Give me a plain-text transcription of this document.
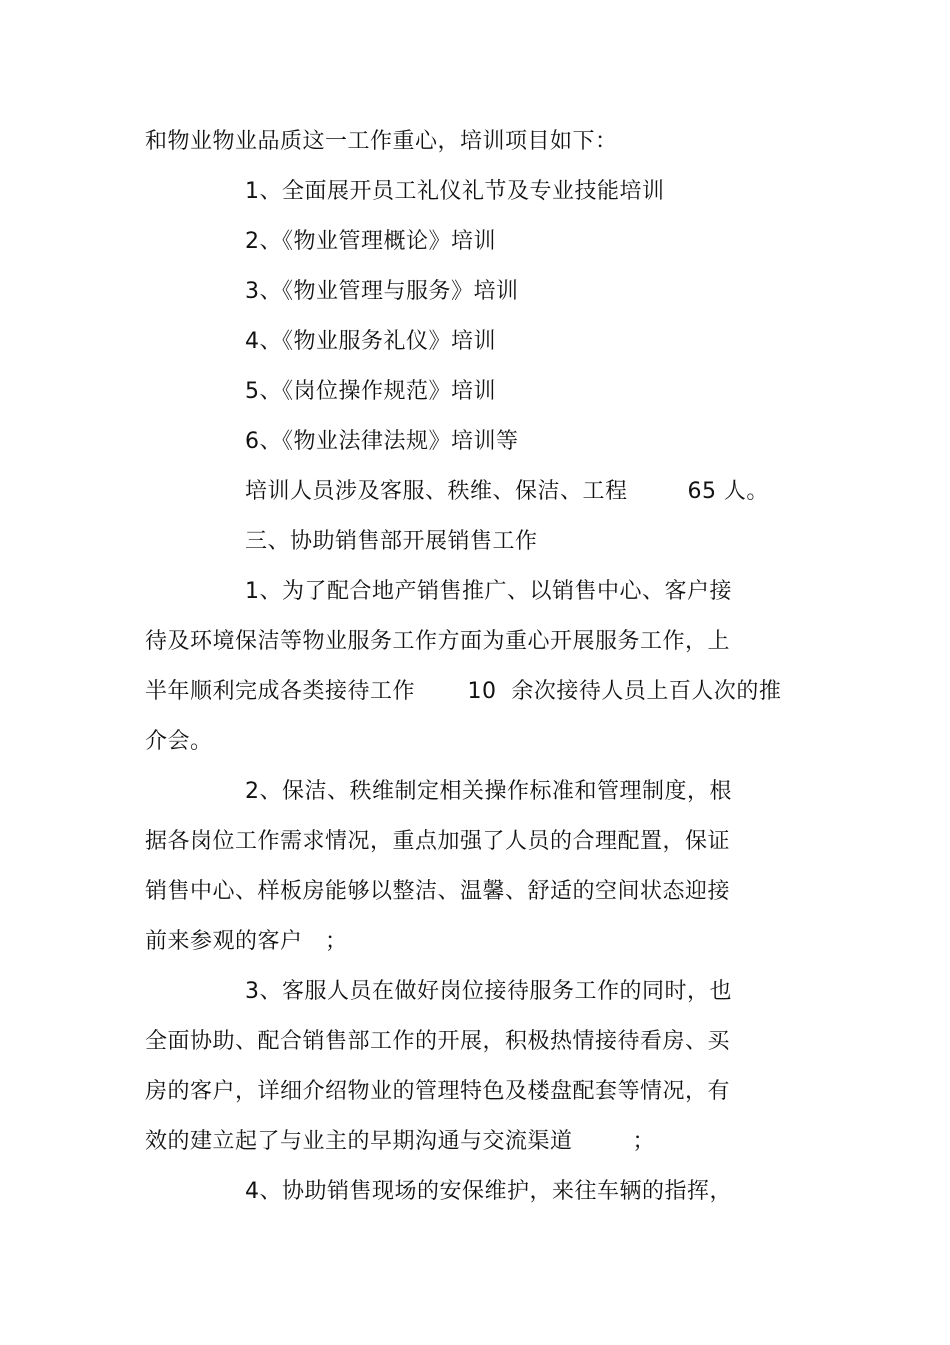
和物业物业品质这一工作重心，培训项目如下：
1、全面展开员工礼仪礼节及专业技能培训
2、《物业管理概论》培训
3、《物业管理与服务》培训
4、《物业服务礼仪》培训
5、《岗位操作规范》培训
6、《物业法律法规》培训等
培训人员涉及客服、秩维、保洁、工程        65 人。
三、协助销售部开展销售工作
1、为了配合地产销售推广、以销售中心、客户接
待及环境保洁等物业服务工作方面为重心开展服务工作，上
半年顺利完成各类接待工作       10  余次接待人员上百人次的推
介会。
2、保洁、秩维制定相关操作标准和管理制度，根
据各岗位工作需求情况，重点加强了人员的合理配置，保证
销售中心、样板房能够以整洁、温馨、舒适的空间状态迎接
前来参观的客户   ；
3、客服人员在做好岗位接待服务工作的同时，也
全面协助、配合销售部工作的开展，积极热情接待看房、买
房的客户，详细介绍物业的管理特色及楼盘配套等情况，有
效的建立起了与业主的早期沟通与交流渠道        ；
4、协助销售现场的安保维护，来往车辆的指挥，
